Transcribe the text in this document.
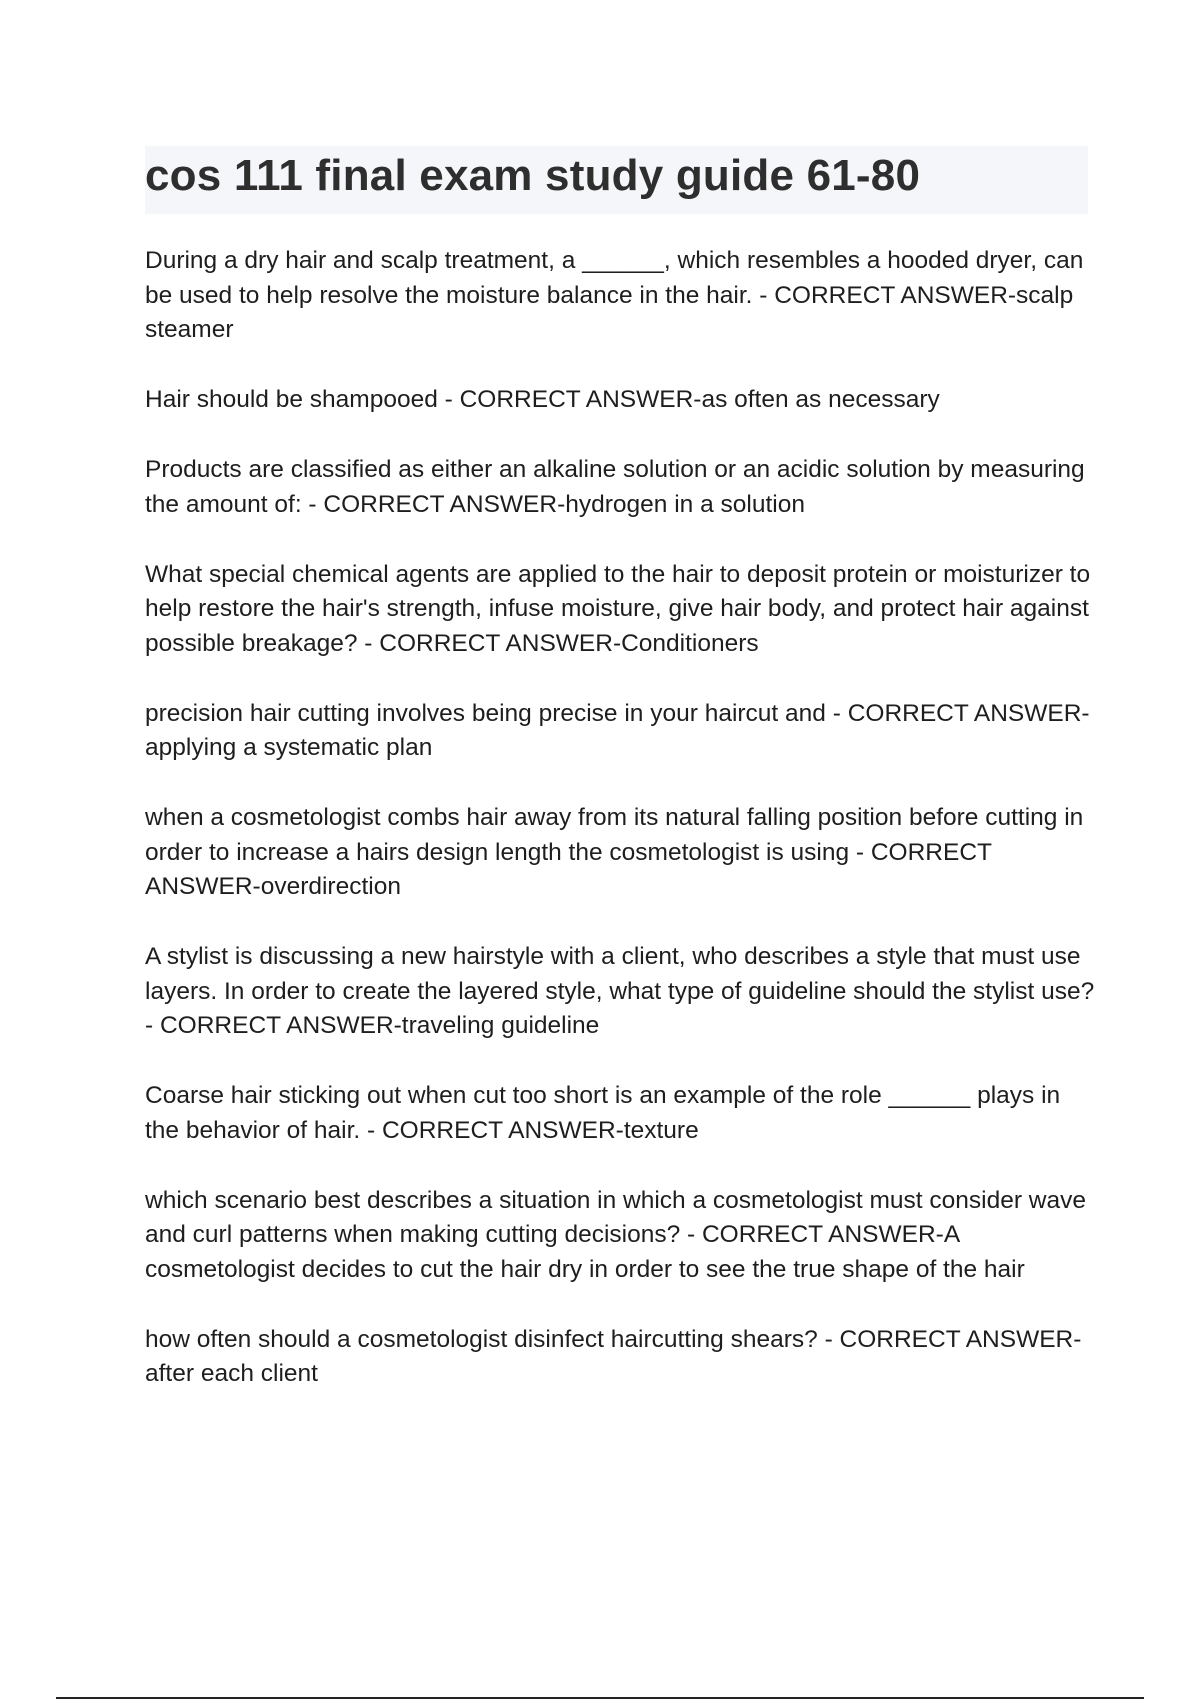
cos 111 final exam study guide 61-80
During a dry hair and scalp treatment, a ______, which resembles a hooded dryer, can be used to help resolve the moisture balance in the hair. - CORRECT ANSWER-scalp steamer
Hair should be shampooed - CORRECT ANSWER-as often as necessary
Products are classified as either an alkaline solution or an acidic solution by measuring the amount of: - CORRECT ANSWER-hydrogen in a solution
What special chemical agents are applied to the hair to deposit protein or moisturizer to help restore the hair's strength, infuse moisture, give hair body, and protect hair against possible breakage? - CORRECT ANSWER-Conditioners
precision hair cutting involves being precise in your haircut and - CORRECT ANSWER-applying a systematic plan
when a cosmetologist combs hair away from its natural falling position before cutting in order to increase a hairs design length the cosmetologist is using - CORRECT ANSWER-overdirection
A stylist is discussing a new hairstyle with a client, who describes a style that must use layers. In order to create the layered style, what type of guideline should the stylist use? - CORRECT ANSWER-traveling guideline
Coarse hair sticking out when cut too short is an example of the role ______ plays in the behavior of hair. - CORRECT ANSWER-texture
which scenario best describes a situation in which a cosmetologist must consider wave and curl patterns when making cutting decisions? - CORRECT ANSWER-A cosmetologist decides to cut the hair dry in order to see the true shape of the hair
how often should a cosmetologist disinfect haircutting shears? - CORRECT ANSWER-after each client
